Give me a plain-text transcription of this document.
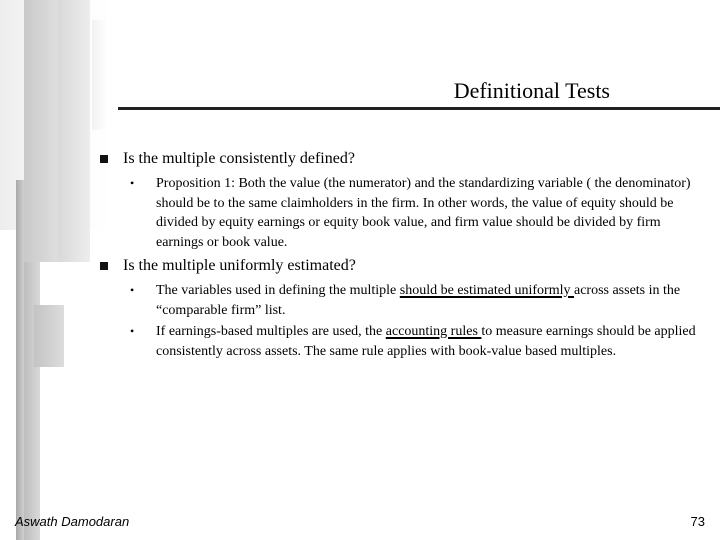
Definitional Tests
Is the multiple consistently defined?
• Proposition 1: Both the value (the numerator) and the standardizing variable ( the denominator) should be to the same claimholders in the firm. In other words, the value of equity should be divided by equity earnings or equity book value, and firm value should be divided by firm earnings or book value.
Is the multiple uniformly estimated?
• The variables used in defining the multiple should be estimated uniformly across assets in the “comparable firm” list.
• If earnings-based multiples are used, the accounting rules to measure earnings should be applied consistently across assets. The same rule applies with book-value based multiples.
Aswath Damodaran	73
